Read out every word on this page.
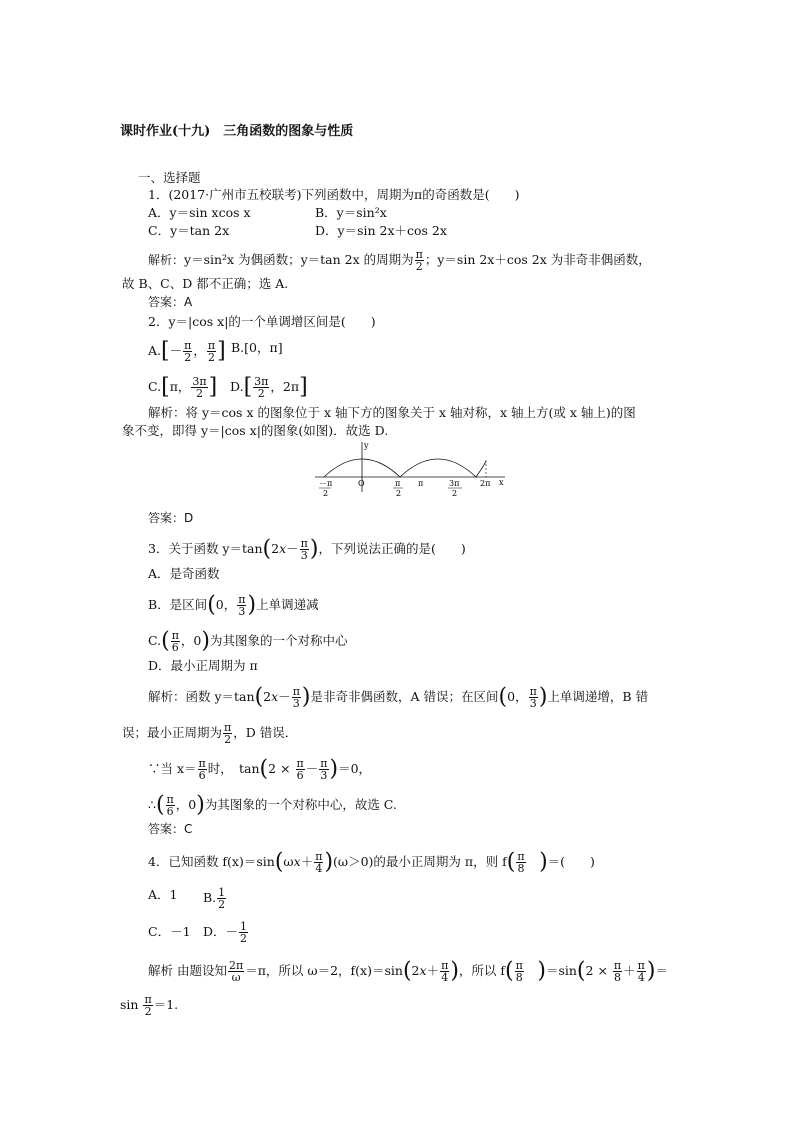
课时作业(十九)　三角函数的图象与性质
一、选择题
1．(2017·广州市五校联考)下列函数中，周期为π的奇函数是(　　)
A．y＝sin xcos x	B．y＝sin²x
C．y＝tan 2x	D．y＝sin 2x＋cos 2x
解析：y＝sin²x 为偶函数；y＝tan 2x 的周期为 $\frac{\pi}{2}$ ；y＝sin 2x＋cos 2x 为非奇非偶函数，
故 B、C、D 都不正确；选 A.
答案：A
2．y＝|cos x|的一个单调增区间是(　　)
$A.[- \frac{\pi}{2}$ ， $\frac{\pi}{2}$ ] B.[0，π]
C.[π， $\frac{3\pi}{2}$ ] $D.[ \frac{3\pi}{2}$ ，2π]
解析：将 y＝cos x 的图象位于 x 轴下方的图象关于 x 轴对称，x 轴上方(或 x 轴上)的图
象不变，即得 y＝|cos x|的图象(如图)．故选 D.
y
x
O
－π
2
π
2
π	3π
2
2π
答案：D
3．关于函数 $y=\tan(2x- \frac{\pi}{3}$ )，下列说法正确的是(　　)
A．是奇函数
B．是区间(0， $\frac{\pi}{3}$ )上单调递减
$C.( \frac{\pi}{6}$ ，0)为其图象的一个对称中心
D．最小正周期为 π
解析：函数 $y=\tan(2x- \frac{\pi}{3}$ )是非奇非偶函数，A 错误；在区间(0， $\frac{\pi}{3}$ )上单调递增，B 错
误；最小正周期为 $\frac{\pi}{2}$ ，D 错误．
∵当 $x= \frac{\pi}{6}$ 时，　$\tan(2 \times \frac{\pi}{6} - \frac{\pi}{3} )=0$，
∴( $\frac{\pi}{6}$ ，0)为其图象的一个对称中心，故选 C.
答案：C
4．已知函数 $f(x)=\sin(\omega x+ \frac{\pi}{4} )(\omega>0)$的最小正周期为 π，则 $f( \frac{\pi}{8}$
　 )＝(　　)
A．1 B. $\frac{1}{2}$
C．－1　D．－ $\frac{1}{2}$
解析 由题设知 $\frac{2\pi}{\omega} =\pi$，所以 ω＝2，$f(x)=\sin(2x+ \frac{\pi}{4}$ )，所以 $f( \frac{\pi}{8}$
　 )$=\sin(2 \times \frac{\pi}{8} + \frac{\pi}{4}$ )＝
$\sin \frac{\pi}{2} =1$.
